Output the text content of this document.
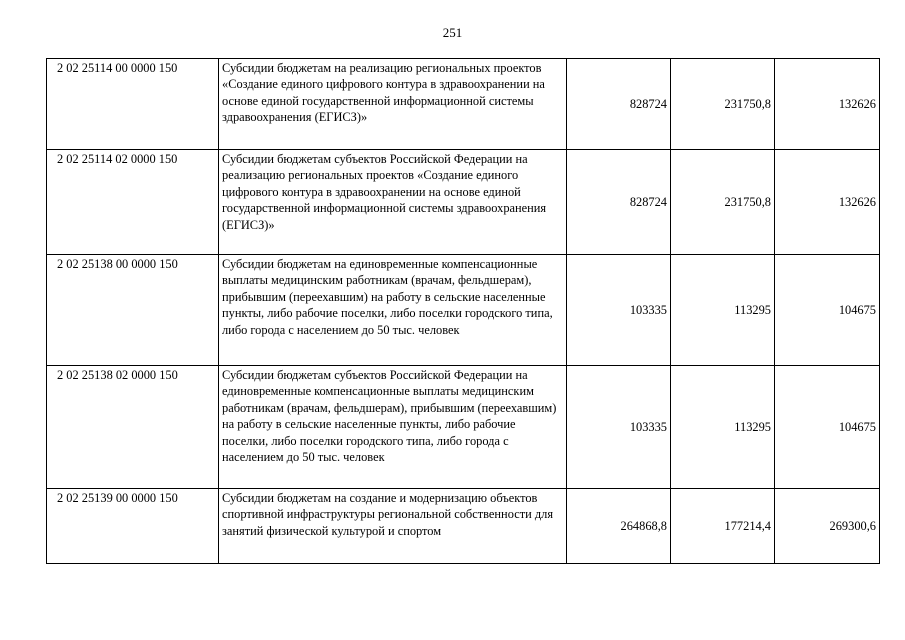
251
2 02 25114 00 0000 150	Субсидии бюджетам на реализацию региональных проектов «Создание единого цифрового контура в здравоохранении на основе единой государственной информационной системы здравоохранения (ЕГИСЗ)»	828724	231750,8	132626
2 02 25114 02 0000 150	Субсидии бюджетам субъектов Российской Федерации на реализацию региональных проектов «Создание единого цифрового контура в здравоохранении на основе единой государственной информационной системы здравоохранения (ЕГИСЗ)»	828724	231750,8	132626
2 02 25138 00 0000 150	Субсидии бюджетам на единовременные компенсационные выплаты медицинским работникам (врачам, фельдшерам), прибывшим (переехавшим) на работу в сельские населенные пункты, либо рабочие поселки, либо поселки городского типа, либо города с населением до 50 тыс. человек	103335	113295	104675
2 02 25138 02 0000 150	Субсидии бюджетам субъектов Российской Федерации на единовременные компенсационные выплаты медицинским работникам (врачам, фельдшерам), прибывшим (переехавшим) на работу в сельские населенные пункты, либо рабочие поселки, либо поселки городского типа, либо города с населением до 50 тыс. человек	103335	113295	104675
2 02 25139 00 0000 150	Субсидии бюджетам на создание и модернизацию объектов спортивной инфраструктуры региональной собственности для занятий физической культурой и спортом	264868,8	177214,4	269300,6
